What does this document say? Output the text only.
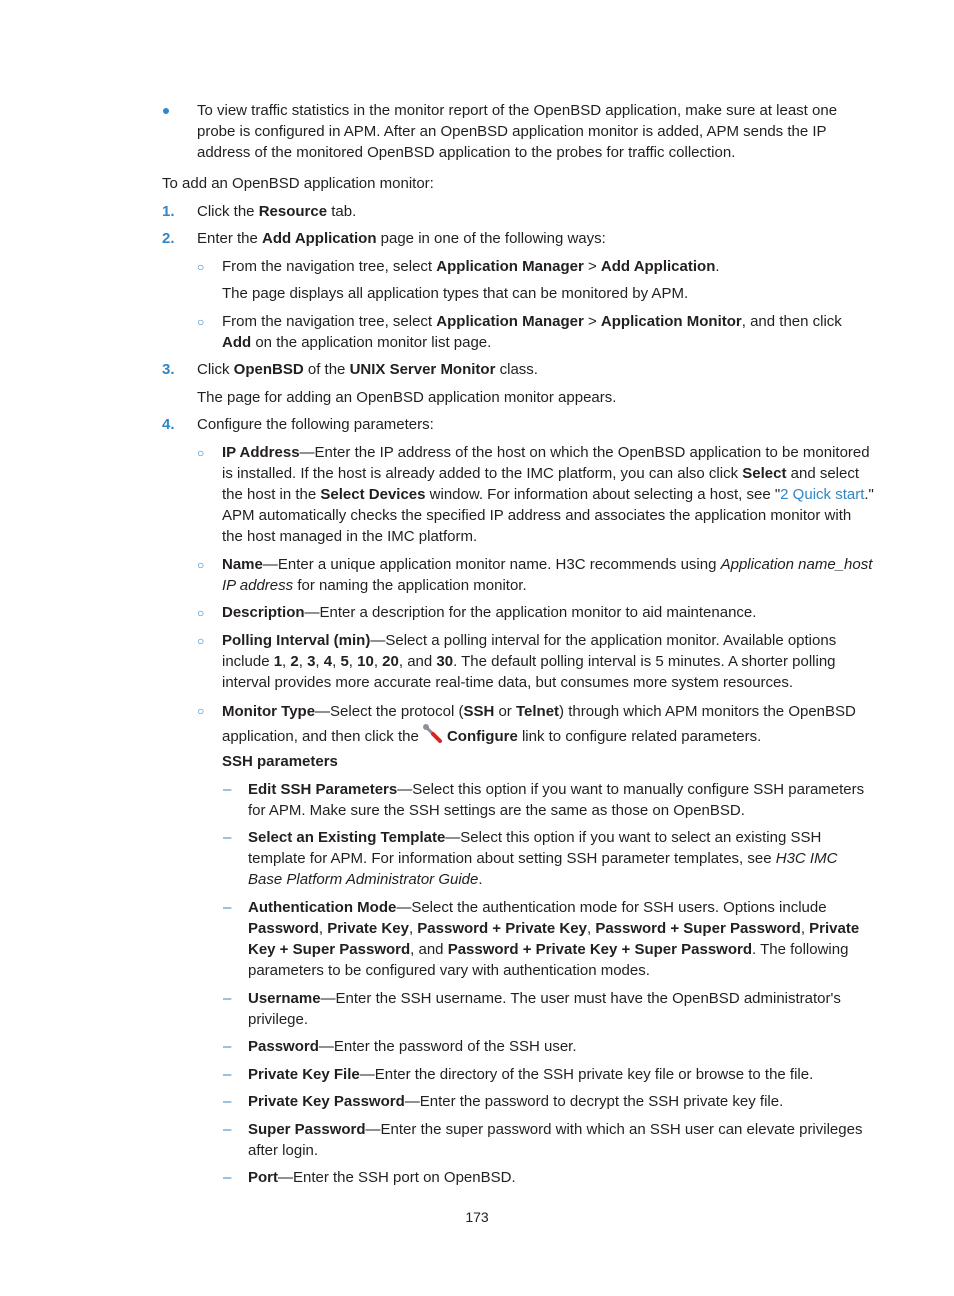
To view traffic statistics in the monitor report of the OpenBSD application, make sure at least one probe is configured in APM. After an OpenBSD application monitor is added, APM sends the IP address of the monitored OpenBSD application to the probes for traffic collection.
To add an OpenBSD application monitor:
1. Click the Resource tab.
2. Enter the Add Application page in one of the following ways:
○ From the navigation tree, select Application Manager > Add Application.
The page displays all application types that can be monitored by APM.
○ From the navigation tree, select Application Manager > Application Monitor, and then click Add on the application monitor list page.
3. Click OpenBSD of the UNIX Server Monitor class.
The page for adding an OpenBSD application monitor appears.
4. Configure the following parameters:
○ IP Address—Enter the IP address of the host on which the OpenBSD application to be monitored is installed. If the host is already added to the IMC platform, you can also click Select and select the host in the Select Devices window. For information about selecting a host, see "2 Quick start." APM automatically checks the specified IP address and associates the application monitor with the host managed in the IMC platform.
○ Name—Enter a unique application monitor name. H3C recommends using Application name_host IP address for naming the application monitor.
○ Description—Enter a description for the application monitor to aid maintenance.
○ Polling Interval (min)—Select a polling interval for the application monitor. Available options include 1, 2, 3, 4, 5, 10, 20, and 30. The default polling interval is 5 minutes. A shorter polling interval provides more accurate real-time data, but consumes more system resources.
○ Monitor Type—Select the protocol (SSH or Telnet) through which APM monitors the OpenBSD application, and then click the Configure link to configure related parameters.
SSH parameters
– Edit SSH Parameters—Select this option if you want to manually configure SSH parameters for APM. Make sure the SSH settings are the same as those on OpenBSD.
– Select an Existing Template—Select this option if you want to select an existing SSH template for APM. For information about setting SSH parameter templates, see H3C IMC Base Platform Administrator Guide.
– Authentication Mode—Select the authentication mode for SSH users. Options include Password, Private Key, Password + Private Key, Password + Super Password, Private Key + Super Password, and Password + Private Key + Super Password. The following parameters to be configured vary with authentication modes.
– Username—Enter the SSH username. The user must have the OpenBSD administrator's privilege.
– Password—Enter the password of the SSH user.
– Private Key File—Enter the directory of the SSH private key file or browse to the file.
– Private Key Password—Enter the password to decrypt the SSH private key file.
– Super Password—Enter the super password with which an SSH user can elevate privileges after login.
– Port—Enter the SSH port on OpenBSD.
173
